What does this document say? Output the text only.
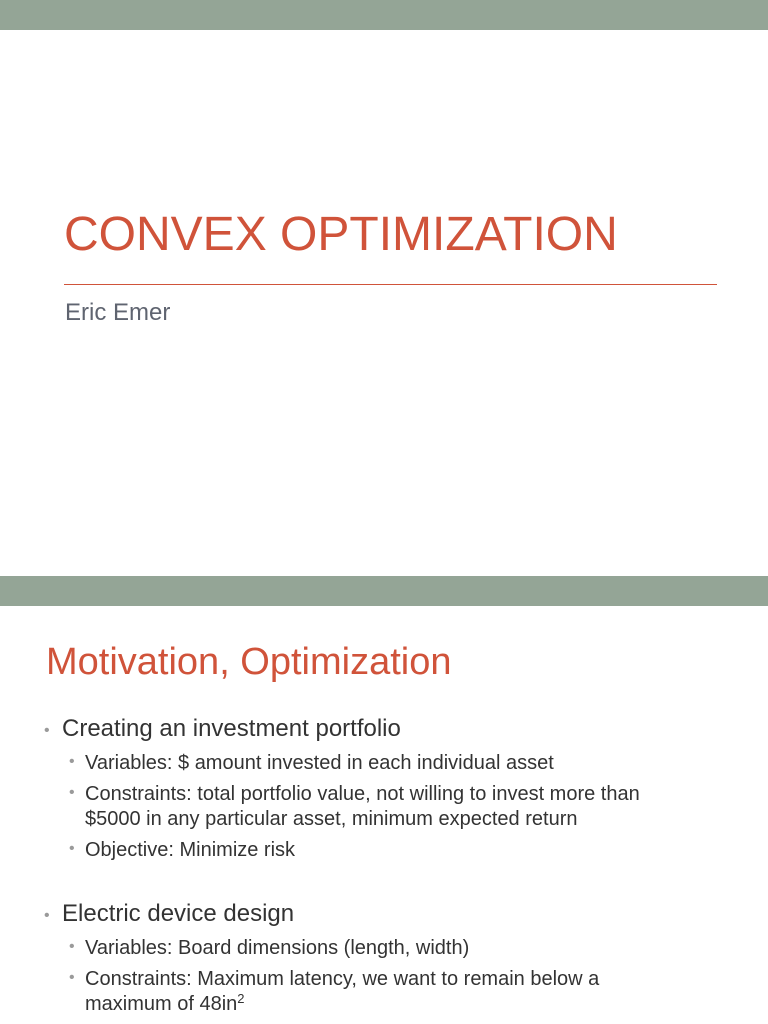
CONVEX OPTIMIZATION

Eric Emer

Motivation, Optimization
• Creating an investment portfolio
• Variables: $ amount invested in each individual asset
• Constraints: total portfolio value, not willing to invest more than
$5000 in any particular asset, minimum expected return
• Objective: Minimize risk
• Electric device design
• Variables: Board dimensions (length, width)
• Constraints: Maximum latency, we want to remain below a
maximum of $48in^2$
